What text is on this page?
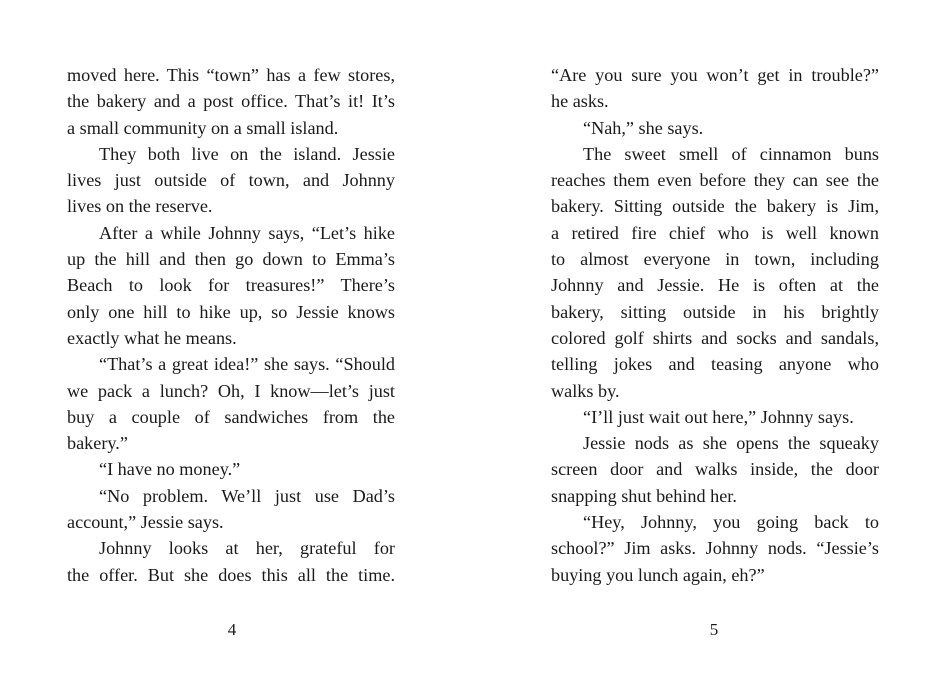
moved here. This “town” has a few stores,
the bakery and a post office. That’s it! It’s
a small community on a small island.
They both live on the island. Jessie
lives just outside of town, and Johnny
lives on the reserve.
After a while Johnny says, “Let’s hike
up the hill and then go down to Emma’s
Beach to look for treasures!” There’s
only one hill to hike up, so Jessie knows
exactly what he means.
“That’s a great idea!” she says. “Should
we pack a lunch? Oh, I know—let’s just
buy a couple of sandwiches from the
bakery.”
“I have no money.”
“No problem. We’ll just use Dad’s
account,” Jessie says.
Johnny looks at her, grateful for
the offer. But she does this all the time.
4
“Are you sure you won’t get in trouble?”
he asks.
“Nah,” she says.
The sweet smell of cinnamon buns
reaches them even before they can see the
bakery. Sitting outside the bakery is Jim,
a retired fire chief who is well known
to almost everyone in town, including
Johnny and Jessie. He is often at the
bakery, sitting outside in his brightly
colored golf shirts and socks and sandals,
telling jokes and teasing anyone who
walks by.
“I’ll just wait out here,” Johnny says.
Jessie nods as she opens the squeaky
screen door and walks inside, the door
snapping shut behind her.
“Hey, Johnny, you going back to
school?” Jim asks. Johnny nods. “Jessie’s
buying you lunch again, eh?”
5
